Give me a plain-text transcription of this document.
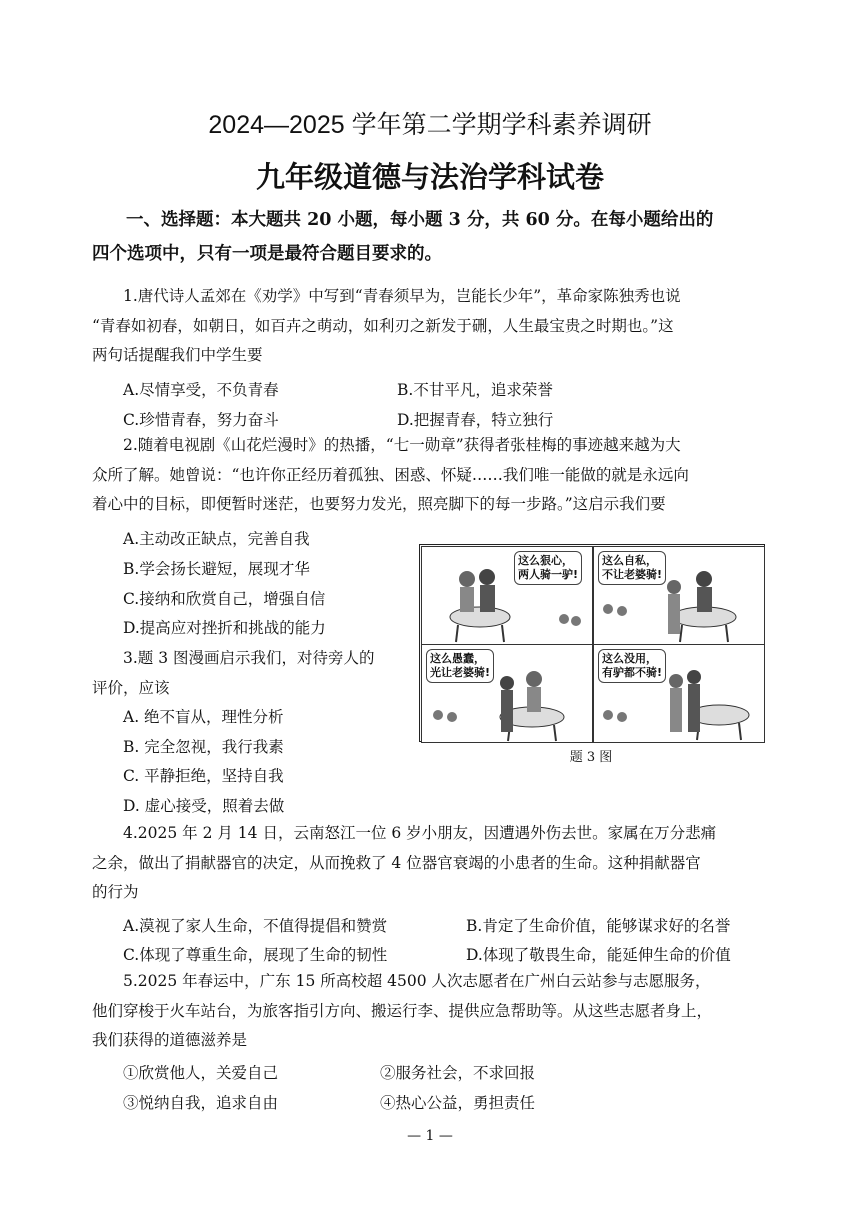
2024—2025 学年第二学期学科素养调研
九年级道德与法治学科试卷
一、选择题：本大题共 20 小题，每小题 3 分，共 60 分。在每小题给出的
四个选项中，只有一项是最符合题目要求的。
1.唐代诗人孟郊在《劝学》中写到“青春须早为，岂能长少年”，革命家陈独秀也说
“青春如初春，如朝日，如百卉之萌动，如利刃之新发于硎，人生最宝贵之时期也。”这
两句话提醒我们中学生要
A.尽情享受，不负青春	B.不甘平凡，追求荣誉
C.珍惜青春，努力奋斗	D.把握青春，特立独行
2.随着电视剧《山花烂漫时》的热播，“七一勋章”获得者张桂梅的事迹越来越为大
众所了解。她曾说：“也许你正经历着孤独、困惑、怀疑……我们唯一能做的就是永远向
着心中的目标，即便暂时迷茫，也要努力发光，照亮脚下的每一步路。”这启示我们要
A.主动改正缺点，完善自我
B.学会扬长避短，展现才华
C.接纳和欣赏自己，增强自信
D.提高应对挫折和挑战的能力
3.题 3 图漫画启示我们，对待旁人的
评价，应该
A. 绝不盲从，理性分析
B. 完全忽视，我行我素
C. 平静拒绝，坚持自我
D. 虚心接受，照着去做
这么狠心，
两人骑一驴!
这么自私，
不让老婆骑!
这么愚蠢，
光让老婆骑!
这么没用，
有驴都不骑!
题 3 图
4.2025 年 2 月 14 日，云南怒江一位 6 岁小朋友，因遭遇外伤去世。家属在万分悲痛
之余，做出了捐献器官的决定，从而挽救了 4 位器官衰竭的小患者的生命。这种捐献器官
的行为
A.漠视了家人生命，不值得提倡和赞赏	B.肯定了生命价值，能够谋求好的名誉
C.体现了尊重生命，展现了生命的韧性	D.体现了敬畏生命，能延伸生命的价值
5.2025 年春运中，广东 15 所高校超 4500 人次志愿者在广州白云站参与志愿服务，
他们穿梭于火车站台，为旅客指引方向、搬运行李、提供应急帮助等。从这些志愿者身上，
我们获得的道德滋养是
①欣赏他人，关爱自己	②服务社会，不求回报
③悦纳自我，追求自由	④热心公益，勇担责任
— 1 —
